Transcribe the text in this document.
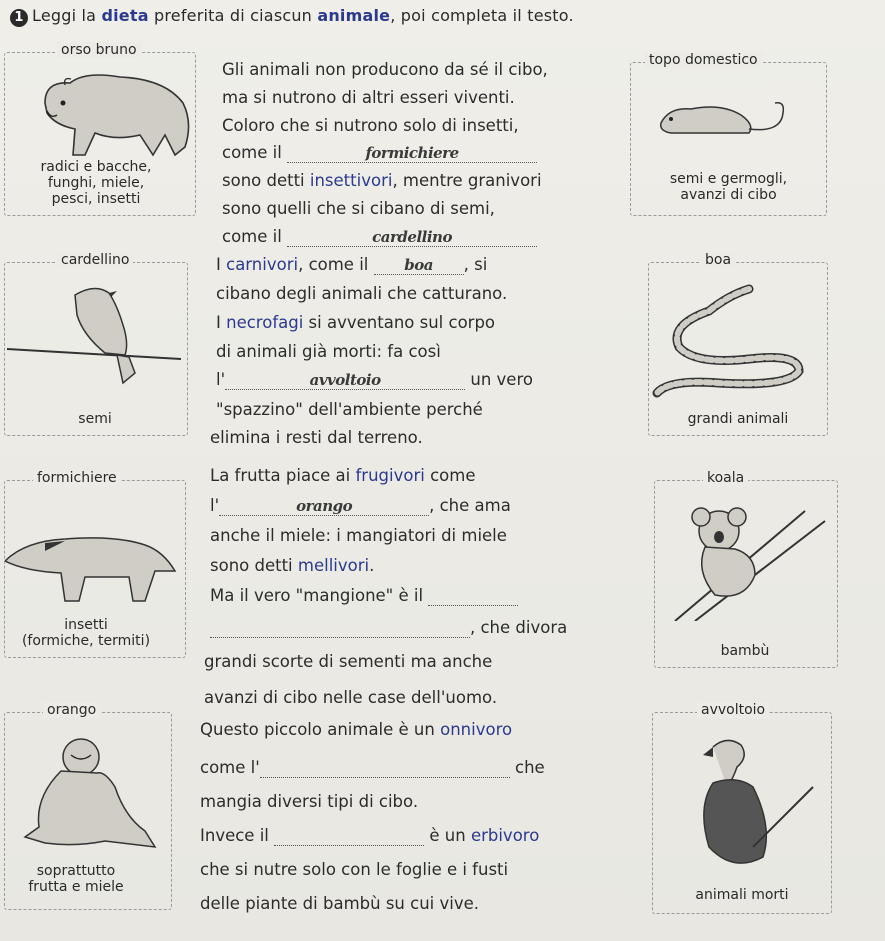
1 Leggi la dieta preferita di ciascun animale, poi completa il testo.
orso bruno
radici e bacche,
funghi, miele,
pesci, insetti
topo domestico
semi e germogli,
avanzi di cibo
cardellino
semi
boa
grandi animali
formichiere
insetti
(formiche, termiti)
koala
bambù
orango
soprattutto
frutta e miele
avvoltoio
animali morti
Gli animali non producono da sé il cibo,
ma si nutrono di altri esseri viventi.
Coloro che si nutrono solo di insetti,
come il	formichiere
sono detti insettivori, mentre granivori
sono quelli che si cibano di semi,
come il	cardellino
I carnivori, come il boa , si
cibano degli animali che catturano.
I necrofagi si avventano sul corpo
di animali già morti: fa così
l'	avvoltoio	un vero
"spazzino" dell'ambiente perché
elimina i resti dal terreno.
La frutta piace ai frugivori come
l'	orango	, che ama
anche il miele: i mangiatori di miele
sono detti mellivori.
Ma il vero "mangione" è il
, che divora
grandi scorte di sementi ma anche
avanzi di cibo nelle case dell'uomo.
Questo piccolo animale è un onnivoro
come l'	che
mangia diversi tipi di cibo.
Invece il	è un erbivoro
che si nutre solo con le foglie e i fusti
delle piante di bambù su cui vive.
